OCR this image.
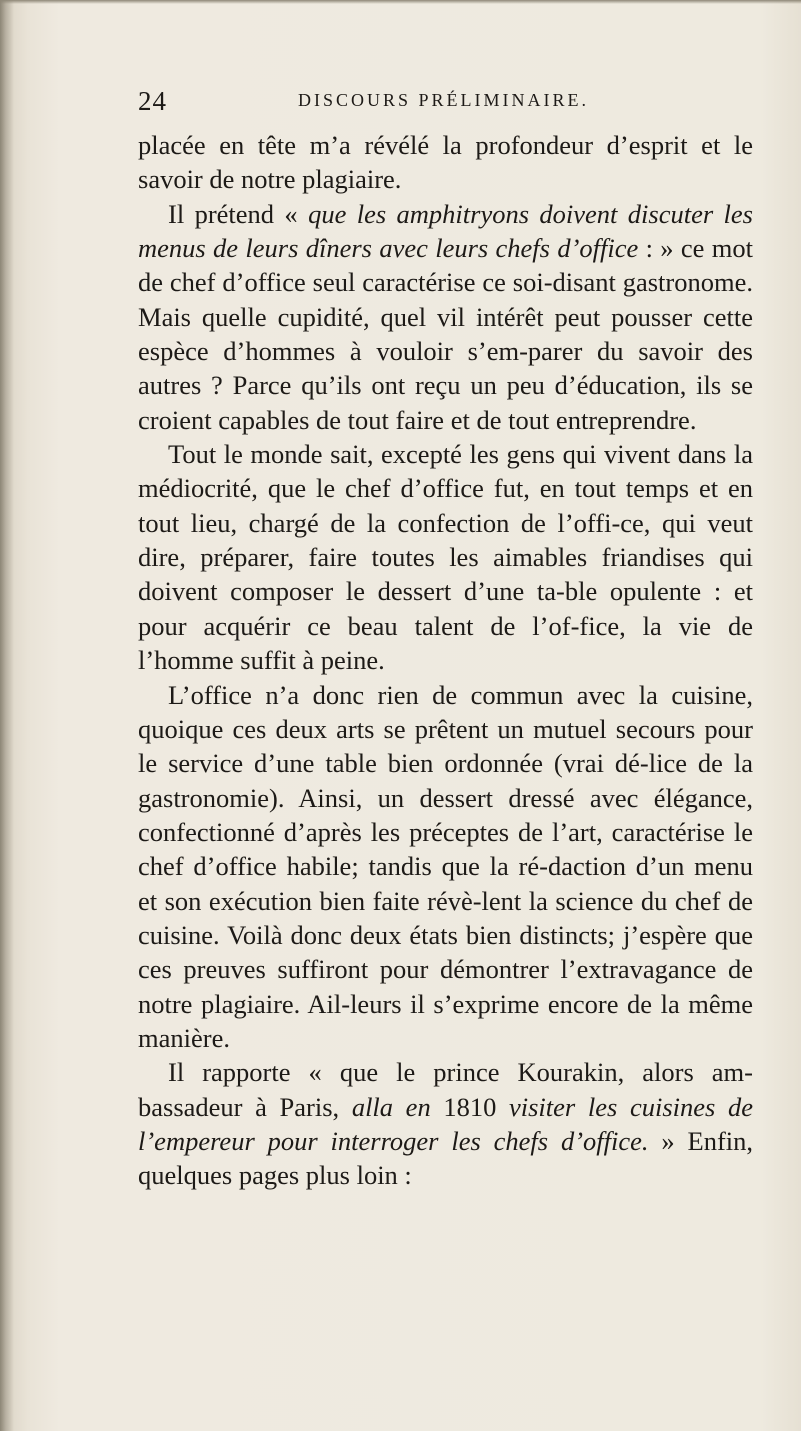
24	DISCOURS PRÉLIMINAIRE.

placée en tête m’a révélé la profondeur d’esprit et le savoir de notre plagiaire.

Il prétend « que les amphitryons doivent discuter les menus de leurs dîners avec leurs chefs d’office : » ce mot de chef d’office seul caractérise ce soi-disant gastronome. Mais quelle cupidité, quel vil intérêt peut pousser cette espèce d’hommes à vouloir s’em-parer du savoir des autres ? Parce qu’ils ont reçu un peu d’éducation, ils se croient capables de tout faire et de tout entreprendre.

Tout le monde sait, excepté les gens qui vivent dans la médiocrité, que le chef d’office fut, en tout temps et en tout lieu, chargé de la confection de l’offi-ce, qui veut dire, préparer, faire toutes les aimables friandises qui doivent composer le dessert d’une ta-ble opulente : et pour acquérir ce beau talent de l’of-fice, la vie de l’homme suffit à peine.

L’office n’a donc rien de commun avec la cuisine, quoique ces deux arts se prêtent un mutuel secours pour le service d’une table bien ordonnée (vrai dé-lice de la gastronomie). Ainsi, un dessert dressé avec élégance, confectionné d’après les préceptes de l’art, caractérise le chef d’office habile; tandis que la ré-daction d’un menu et son exécution bien faite révè-lent la science du chef de cuisine. Voilà donc deux états bien distincts; j’espère que ces preuves suffiront pour démontrer l’extravagance de notre plagiaire. Ail-leurs il s’exprime encore de la même manière.

Il rapporte « que le prince Kourakin, alors am-bassadeur à Paris, alla en 1810 visiter les cuisines de l’empereur pour interroger les chefs d’office. » Enfin, quelques pages plus loin :
